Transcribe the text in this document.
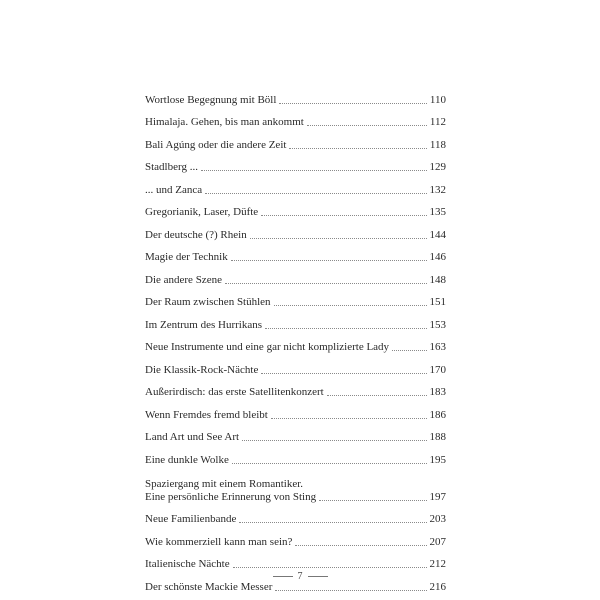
Wortlose Begegnung mit Böll	110
Himalaja. Gehen, bis man ankommt	112
Bali Agúng oder die andere Zeit	118
Stadlberg ...	129
... und Zanca	132
Gregorianik, Laser, Düfte	135
Der deutsche (?) Rhein	144
Magie der Technik	146
Die andere Szene	148
Der Raum zwischen Stühlen	151
Im Zentrum des Hurrikans	153
Neue Instrumente und eine gar nicht komplizierte Lady	163
Die Klassik-Rock-Nächte	170
Außerirdisch: das erste Satellitenkonzert	183
Wenn Fremdes fremd bleibt	186
Land Art und See Art	188
Eine dunkle Wolke	195
Spaziergang mit einem Romantiker.
Eine persönliche Erinnerung von Sting	197
Neue Familienbande	203
Wie kommerziell kann man sein?	207
Italienische Nächte	212
Der schönste Mackie Messer	216
7
